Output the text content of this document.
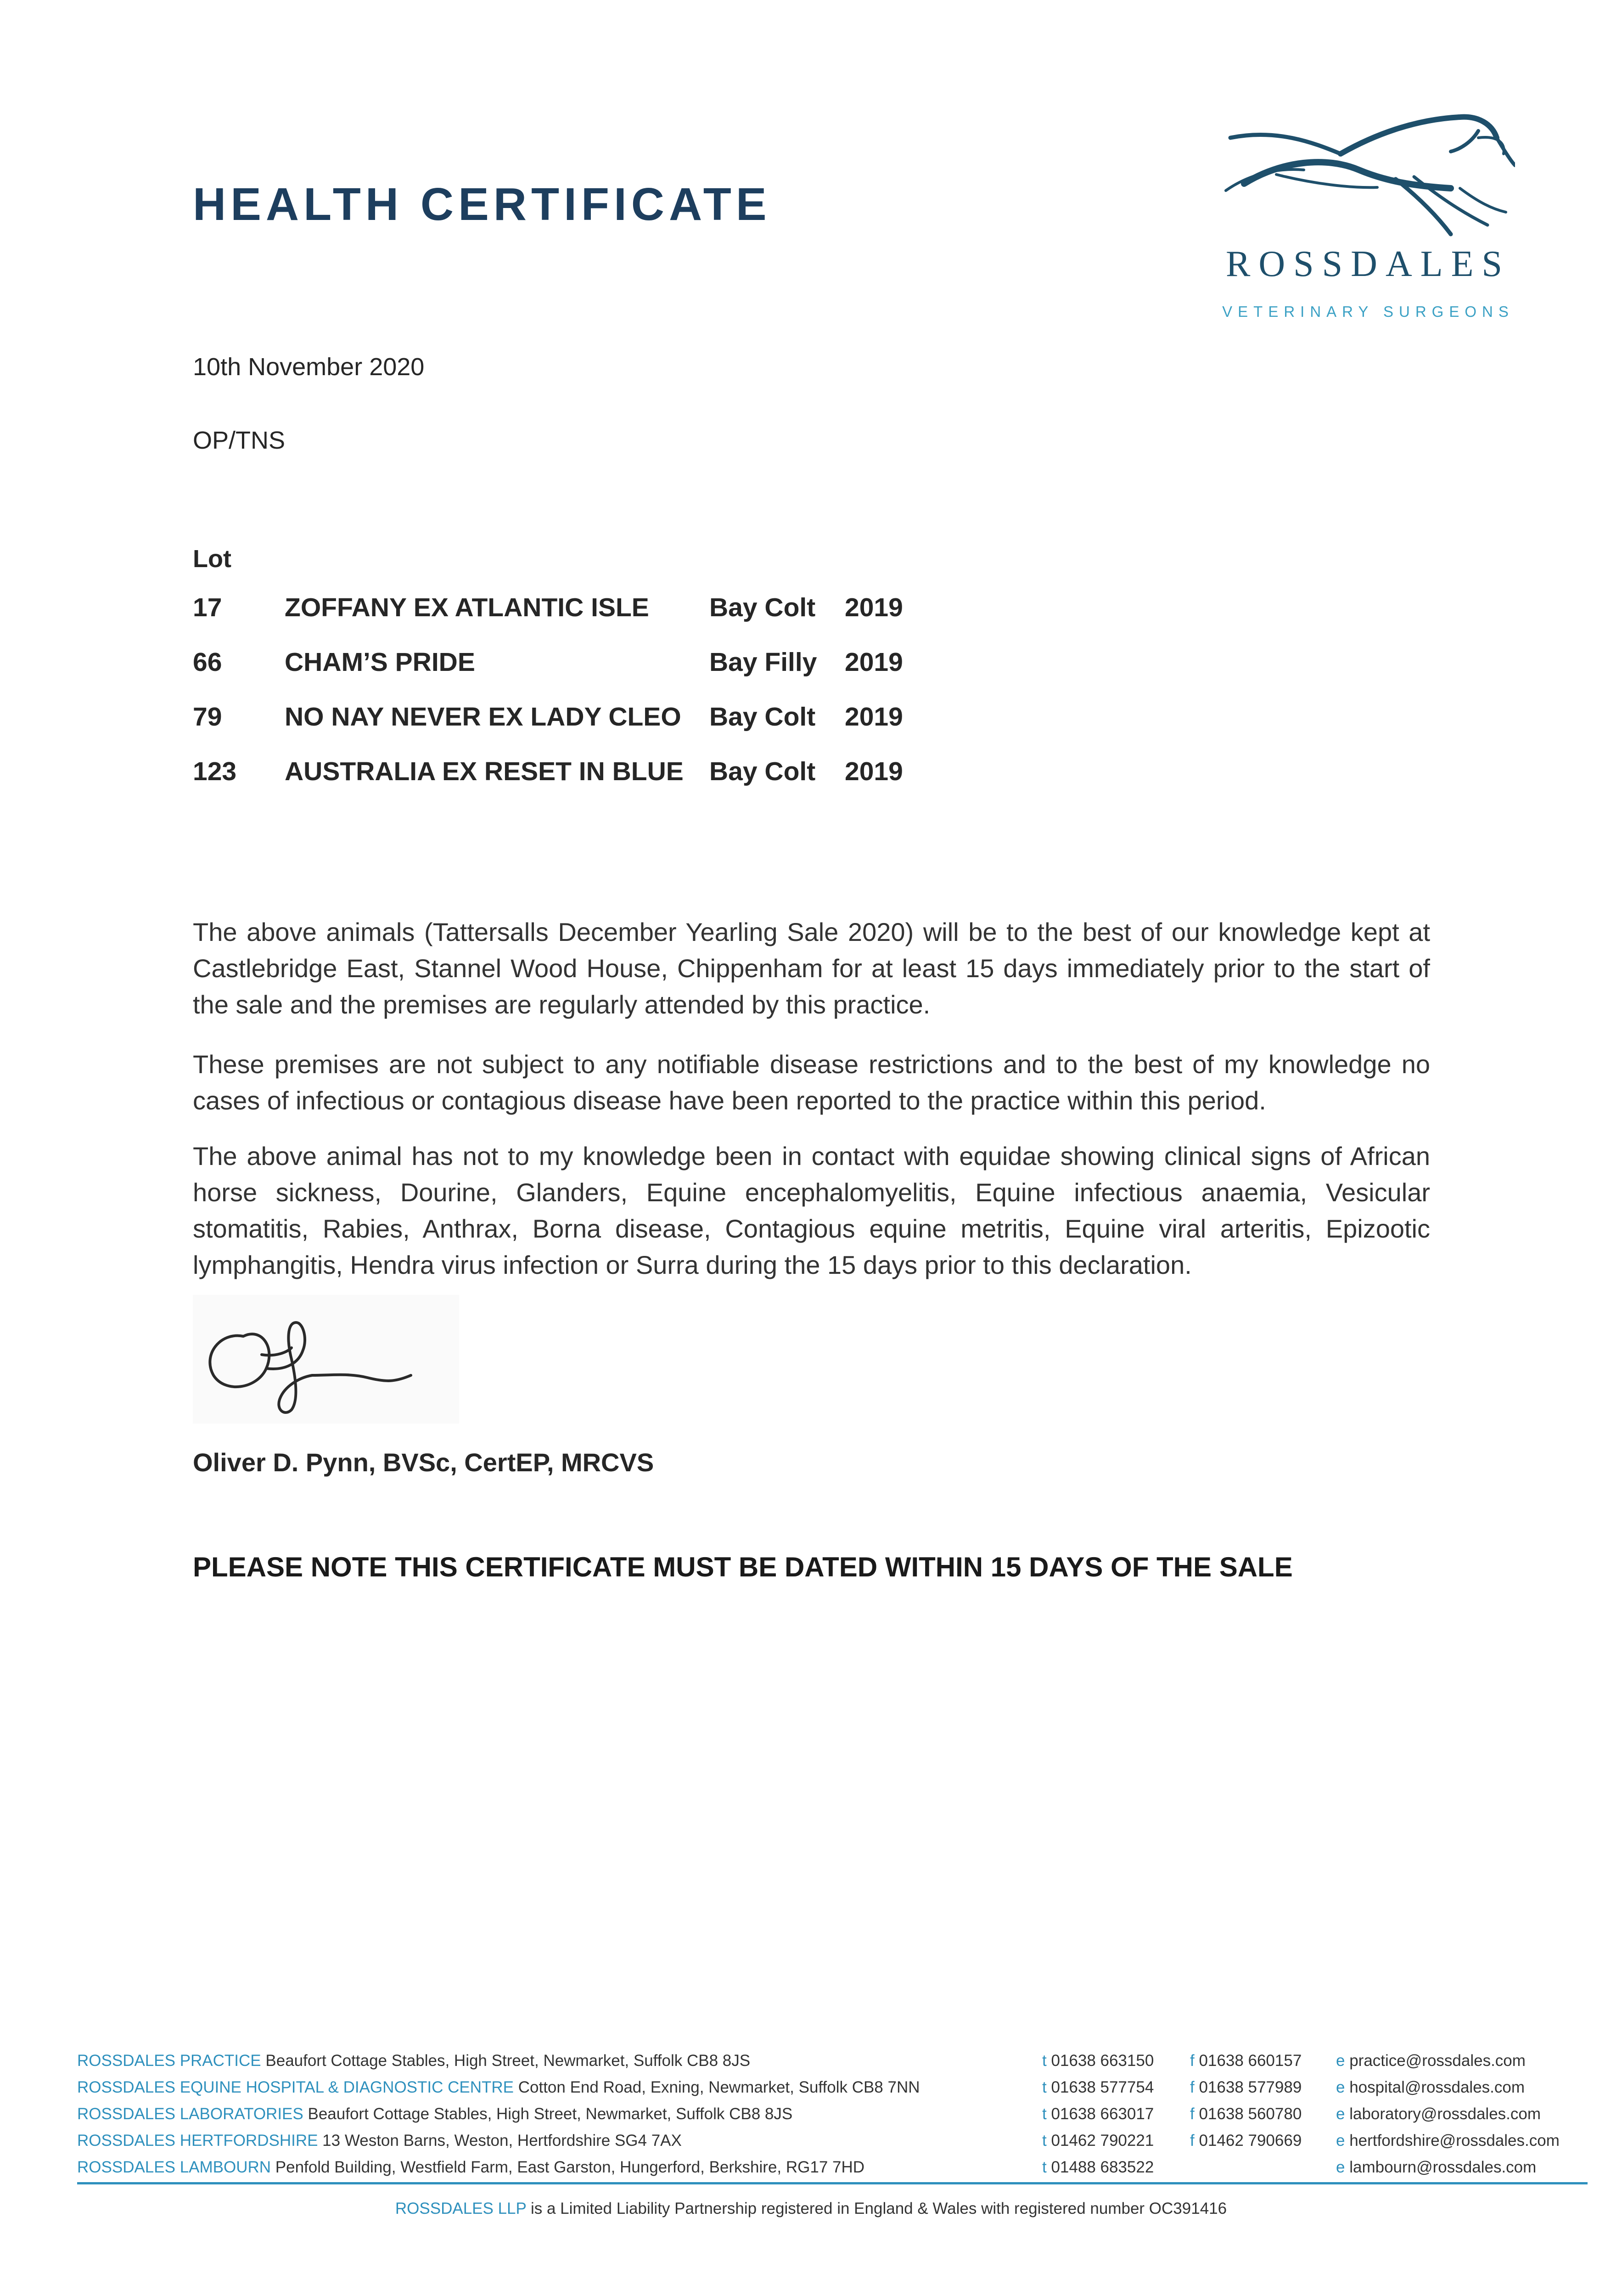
HEALTH CERTIFICATE
ROSSDALES
VETERINARY SURGEONS
10th November 2020
OP/TNS
Lot
17	ZOFFANY EX ATLANTIC ISLE	Bay Colt	2019
66	CHAM’S PRIDE	Bay Filly	2019
79	NO NAY NEVER EX LADY CLEO	Bay Colt	2019
123	AUSTRALIA EX RESET IN BLUE	Bay Colt	2019

The above animals (Tattersalls December Yearling Sale 2020) will be to the best of our knowledge kept at Castlebridge East, Stannel Wood House, Chippenham for at least 15 days immediately prior to the start of the sale and the premises are regularly attended by this practice.

These premises are not subject to any notifiable disease restrictions and to the best of my knowledge no cases of infectious or contagious disease have been reported to the practice within this period.

The above animal has not to my knowledge been in contact with equidae showing clinical signs of African horse sickness, Dourine, Glanders, Equine encephalomyelitis, Equine infectious anaemia, Vesicular stomatitis, Rabies, Anthrax, Borna disease, Contagious equine metritis, Equine viral arteritis, Epizootic lymphangitis, Hendra virus infection or Surra during the 15 days prior to this declaration.

Oliver D. Pynn, BVSc, CertEP, MRCVS
PLEASE NOTE THIS CERTIFICATE MUST BE DATED WITHIN 15 DAYS OF THE SALE
ROSSDALES PRACTICE Beaufort Cottage Stables, High Street, Newmarket, Suffolk CB8 8JS	t 01638 663150 f 01638 660157 e practice@rossdales.com
ROSSDALES EQUINE HOSPITAL & DIAGNOSTIC CENTRE Cotton End Road, Exning, Newmarket, Suffolk CB8 7NN	t 01638 577754 f 01638 577989 e hospital@rossdales.com
ROSSDALES LABORATORIES Beaufort Cottage Stables, High Street, Newmarket, Suffolk CB8 8JS	t 01638 663017 f 01638 560780 e laboratory@rossdales.com
ROSSDALES HERTFORDSHIRE 13 Weston Barns, Weston, Hertfordshire SG4 7AX	t 01462 790221 f 01462 790669 e hertfordshire@rossdales.com
ROSSDALES LAMBOURN Penfold Building, Westfield Farm, East Garston, Hungerford, Berkshire, RG17 7HD	t 01488 683522	e lambourn@rossdales.com
ROSSDALES LLP is a Limited Liability Partnership registered in England & Wales with registered number OC391416
